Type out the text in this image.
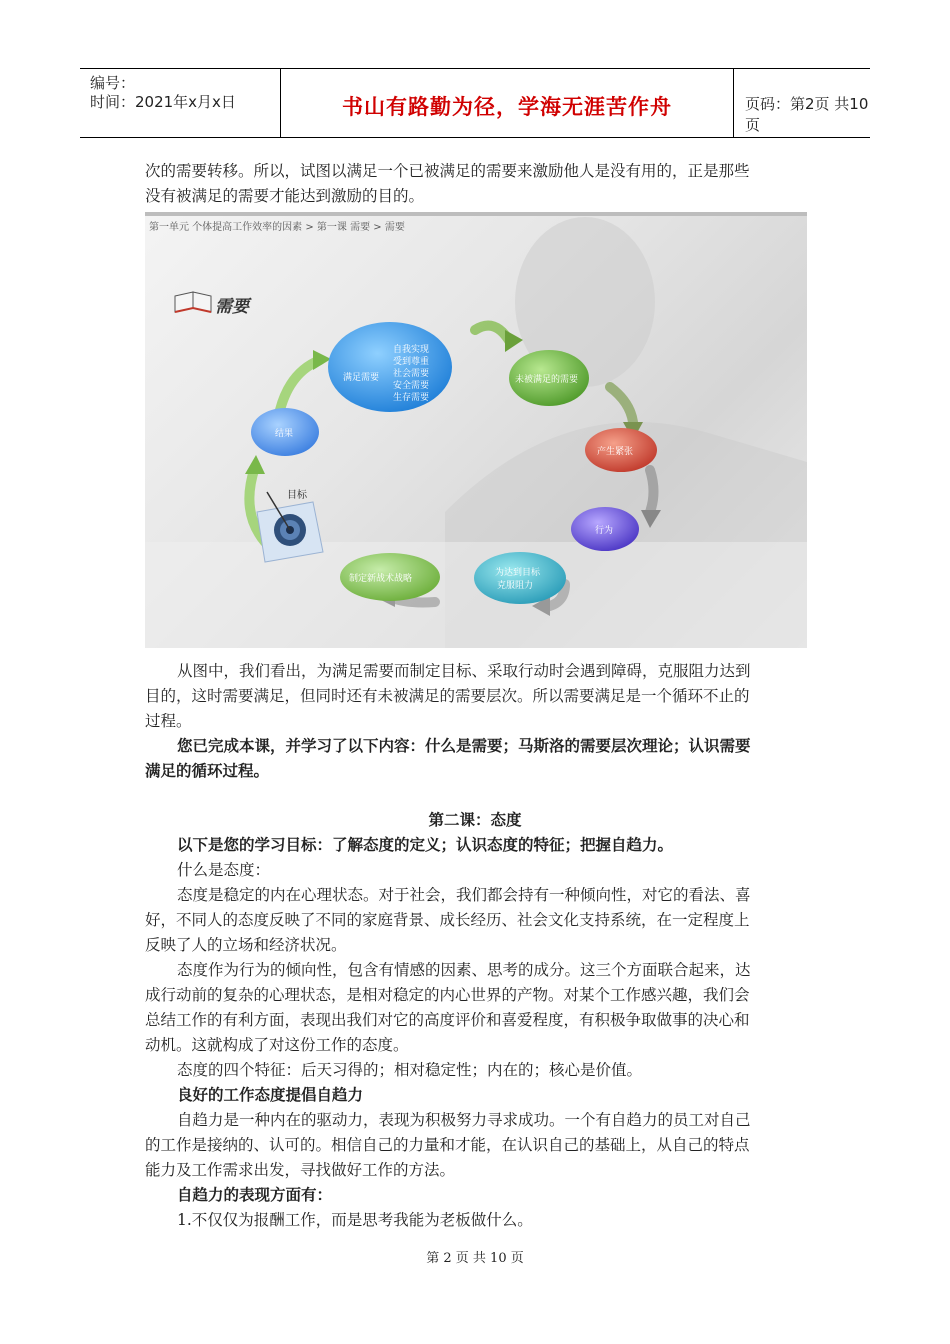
编号：
时间：2021年x月x日	书山有路勤为径，学海无涯苦作舟	页码：第2页 共10页
次的需要转移。所以，试图以满足一个已被满足的需要来激励他人是没有用的，正是那些
没有被满足的需要才能达到激励的目的。
第一单元 个体提高工作效率的因素 > 第一课 需要 > 需要
满足需要
自我实现
受到尊重
社会需要
安全需要
生存需要
未被满足的需要
产生紧张
行为
为达到目标
克服阻力
制定新战术战略
结果
目标
需要
从图中，我们看出，为满足需要而制定目标、采取行动时会遇到障碍，克服阻力达到
目的，这时需要满足，但同时还有未被满足的需要层次。所以需要满足是一个循环不止的
过程。
您已完成本课，并学习了以下内容：什么是需要；马斯洛的需要层次理论；认识需要
满足的循环过程。
第二课：态度
以下是您的学习目标：了解态度的定义；认识态度的特征；把握自趋力。
什么是态度：
态度是稳定的内在心理状态。对于社会，我们都会持有一种倾向性，对它的看法、喜
好，不同人的态度反映了不同的家庭背景、成长经历、社会文化支持系统，在一定程度上
反映了人的立场和经济状况。
态度作为行为的倾向性，包含有情感的因素、思考的成分。这三个方面联合起来，达
成行动前的复杂的心理状态，是相对稳定的内心世界的产物。对某个工作感兴趣，我们会
总结工作的有利方面，表现出我们对它的高度评价和喜爱程度，有积极争取做事的决心和
动机。这就构成了对这份工作的态度。
态度的四个特征：后天习得的；相对稳定性；内在的；核心是价值。
良好的工作态度提倡自趋力
自趋力是一种内在的驱动力，表现为积极努力寻求成功。一个有自趋力的员工对自己
的工作是接纳的、认可的。相信自己的力量和才能，在认识自己的基础上，从自己的特点
能力及工作需求出发，寻找做好工作的方法。
自趋力的表现方面有：
1.不仅仅为报酬工作，而是思考我能为老板做什么。
第 2 页 共 10 页
